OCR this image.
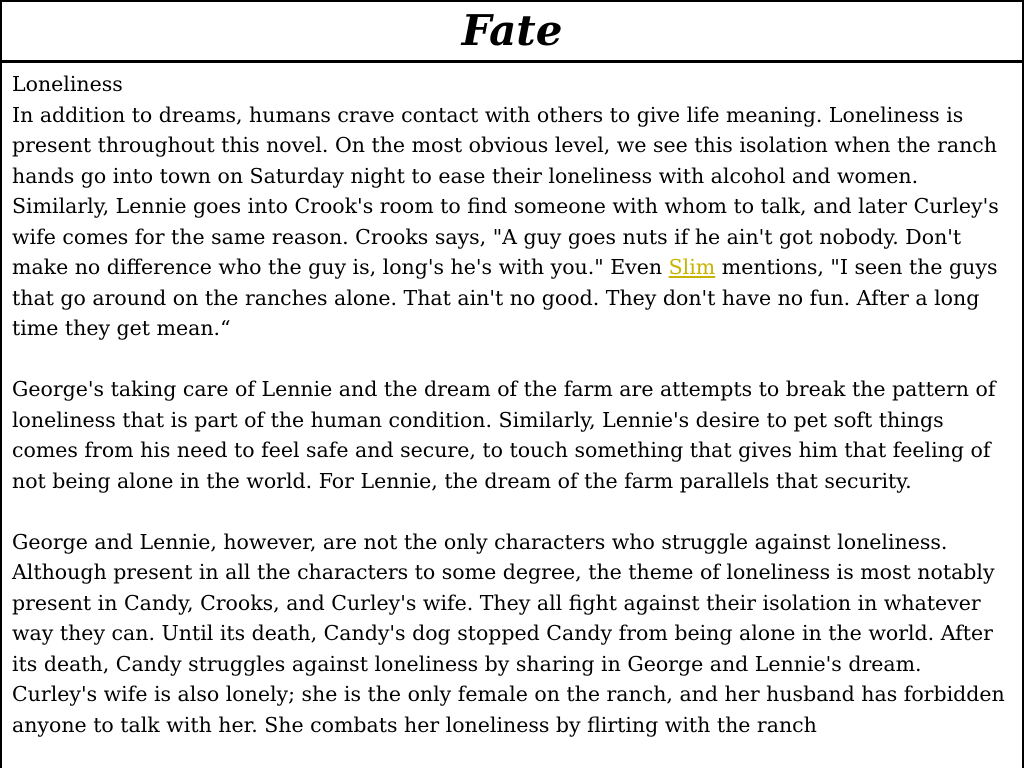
Fate

Loneliness

In addition to dreams, humans crave contact with others to give life meaning. Loneliness is present throughout this novel. On the most obvious level, we see this isolation when the ranch hands go into town on Saturday night to ease their loneliness with alcohol and women. Similarly, Lennie goes into Crook's room to find someone with whom to talk, and later Curley's wife comes for the same reason. Crooks says, "A guy goes nuts if he ain't got nobody. Don't make no difference who the guy is, long's he's with you." Even Slim mentions, "I seen the guys that go around on the ranches alone. That ain't no good. They don't have no fun. After a long time they get mean.“

George's taking care of Lennie and the dream of the farm are attempts to break the pattern of loneliness that is part of the human condition. Similarly, Lennie's desire to pet soft things comes from his need to feel safe and secure, to touch something that gives him that feeling of not being alone in the world. For Lennie, the dream of the farm parallels that security.

George and Lennie, however, are not the only characters who struggle against loneliness. Although present in all the characters to some degree, the theme of loneliness is most notably present in Candy, Crooks, and Curley's wife. They all fight against their isolation in whatever way they can. Until its death, Candy's dog stopped Candy from being alone in the world. After its death, Candy struggles against loneliness by sharing in George and Lennie's dream. Curley's wife is also lonely; she is the only female on the ranch, and her husband has forbidden anyone to talk with her. She combats her loneliness by flirting with the ranch
